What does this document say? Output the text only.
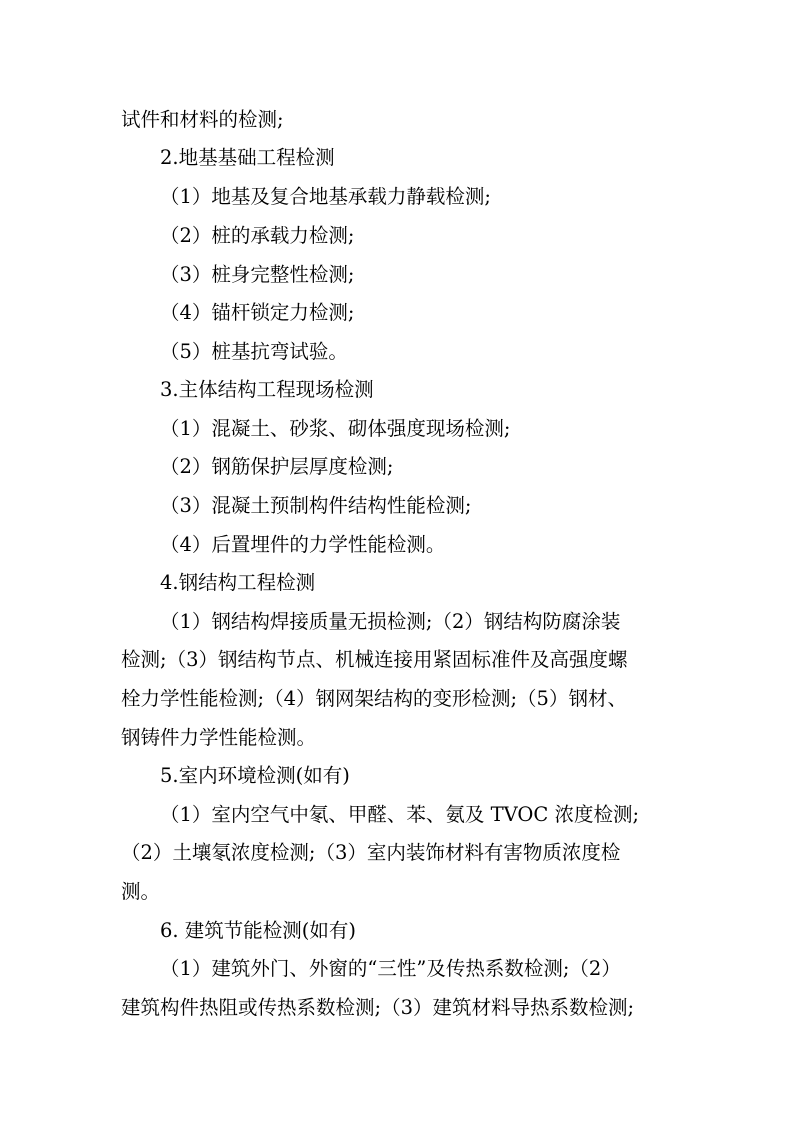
试件和材料的检测;
2.地基基础工程检测
（1）地基及复合地基承载力静载检测;
（2）桩的承载力检测;
（3）桩身完整性检测;
（4）锚杆锁定力检测;
（5）桩基抗弯试验。
3.主体结构工程现场检测
（1）混凝土、砂浆、砌体强度现场检测;
（2）钢筋保护层厚度检测;
（3）混凝土预制构件结构性能检测;
（4）后置埋件的力学性能检测。
4.钢结构工程检测
（1）钢结构焊接质量无损检测;（2）钢结构防腐涂装
检测;（3）钢结构节点、机械连接用紧固标准件及高强度螺
栓力学性能检测;（4）钢网架结构的变形检测;（5）钢材、
钢铸件力学性能检测。
5.室内环境检测(如有)
（1）室内空气中氡、甲醛、苯、氨及 TVOC 浓度检测;
（2）土壤氡浓度检测;（3）室内装饰材料有害物质浓度检
测。
6. 建筑节能检测(如有)
（1）建筑外门、外窗的“三性”及传热系数检测;（2）
建筑构件热阻或传热系数检测;（3）建筑材料导热系数检测;
